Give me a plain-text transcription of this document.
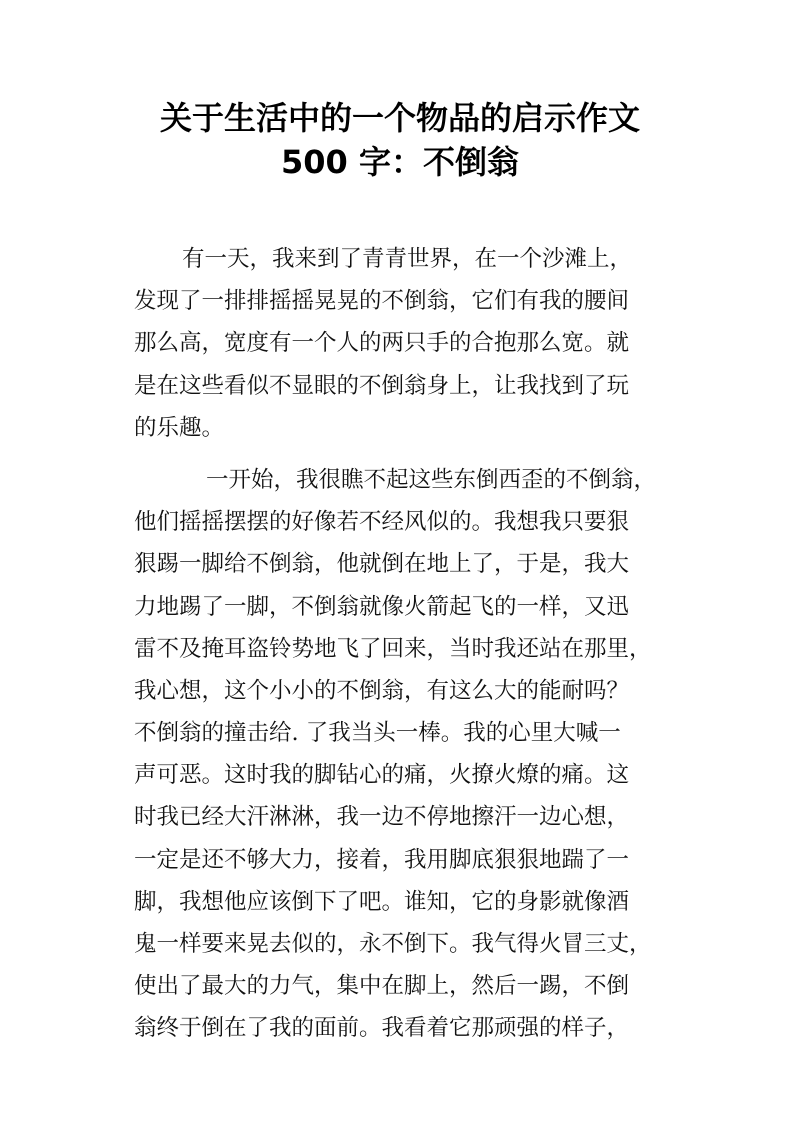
关于生活中的一个物品的启示作文
500 字：不倒翁
有一天，我来到了青青世界，在一个沙滩上，
发现了一排排摇摇晃晃的不倒翁，它们有我的腰间
那么高，宽度有一个人的两只手的合抱那么宽。就
是在这些看似不显眼的不倒翁身上，让我找到了玩
的乐趣。
一开始，我很瞧不起这些东倒西歪的不倒翁，
他们摇摇摆摆的好像若不经风似的。我想我只要狠
狠踢一脚给不倒翁，他就倒在地上了，于是，我大
力地踢了一脚，不倒翁就像火箭起飞的一样，又迅
雷不及掩耳盗铃势地飞了回来，当时我还站在那里，
我心想，这个小小的不倒翁，有这么大的能耐吗？
不倒翁的撞击给. 了我当头一棒。我的心里大喊一
声可恶。这时我的脚钻心的痛，火撩火燎的痛。这
时我已经大汗淋淋，我一边不停地擦汗一边心想，
一定是还不够大力，接着，我用脚底狠狠地踹了一
脚，我想他应该倒下了吧。谁知，它的身影就像酒
鬼一样要来晃去似的，永不倒下。我气得火冒三丈，
使出了最大的力气，集中在脚上，然后一踢，不倒
翁终于倒在了我的面前。我看着它那顽强的样子，
